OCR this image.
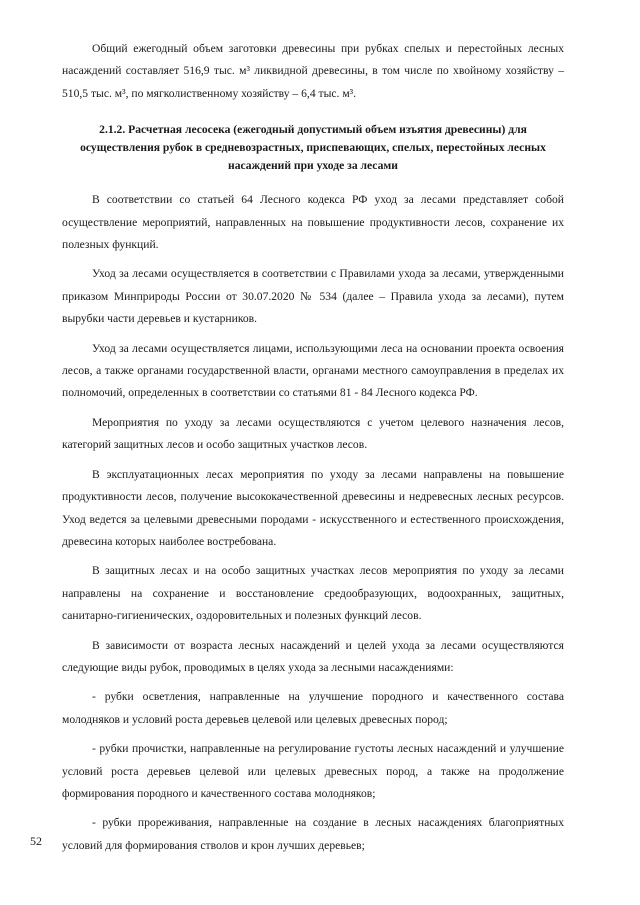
Общий ежегодный объем заготовки древесины при рубках спелых и перестойных лесных насаждений составляет 516,9 тыс. м³ ликвидной древесины, в том числе по хвойному хозяйству – 510,5 тыс. м³, по мягколиственному хозяйству – 6,4 тыс. м³.

2.1.2. Расчетная лесосека (ежегодный допустимый объем изъятия древесины) для осуществления рубок в средневозрастных, приспевающих, спелых, перестойных лесных насаждений при уходе за лесами

В соответствии со статьей 64 Лесного кодекса РФ уход за лесами представляет собой осуществление мероприятий, направленных на повышение продуктивности лесов, сохранение их полезных функций.

Уход за лесами осуществляется в соответствии с Правилами ухода за лесами, утвержденными приказом Минприроды России от 30.07.2020 № 534 (далее – Правила ухода за лесами), путем вырубки части деревьев и кустарников.

Уход за лесами осуществляется лицами, использующими леса на основании проекта освоения лесов, а также органами государственной власти, органами местного самоуправления в пределах их полномочий, определенных в соответствии со статьями 81 - 84 Лесного кодекса РФ.

Мероприятия по уходу за лесами осуществляются с учетом целевого назначения лесов, категорий защитных лесов и особо защитных участков лесов.

В эксплуатационных лесах мероприятия по уходу за лесами направлены на повышение продуктивности лесов, получение высококачественной древесины и недревесных лесных ресурсов. Уход ведется за целевыми древесными породами - искусственного и естественного происхождения, древесина которых наиболее востребована.

В защитных лесах и на особо защитных участках лесов мероприятия по уходу за лесами направлены на сохранение и восстановление средообразующих, водоохранных, защитных, санитарно-гигиенических, оздоровительных и полезных функций лесов.

В зависимости от возраста лесных насаждений и целей ухода за лесами осуществляются следующие виды рубок, проводимых в целях ухода за лесными насаждениями:

- рубки осветления, направленные на улучшение породного и качественного состава молодняков и условий роста деревьев целевой или целевых древесных пород;

- рубки прочистки, направленные на регулирование густоты лесных насаждений и улучшение условий роста деревьев целевой или целевых древесных пород, а также на продолжение формирования породного и качественного состава молодняков;

- рубки прореживания, направленные на создание в лесных насаждениях благоприятных условий для формирования стволов и крон лучших деревьев;

52
